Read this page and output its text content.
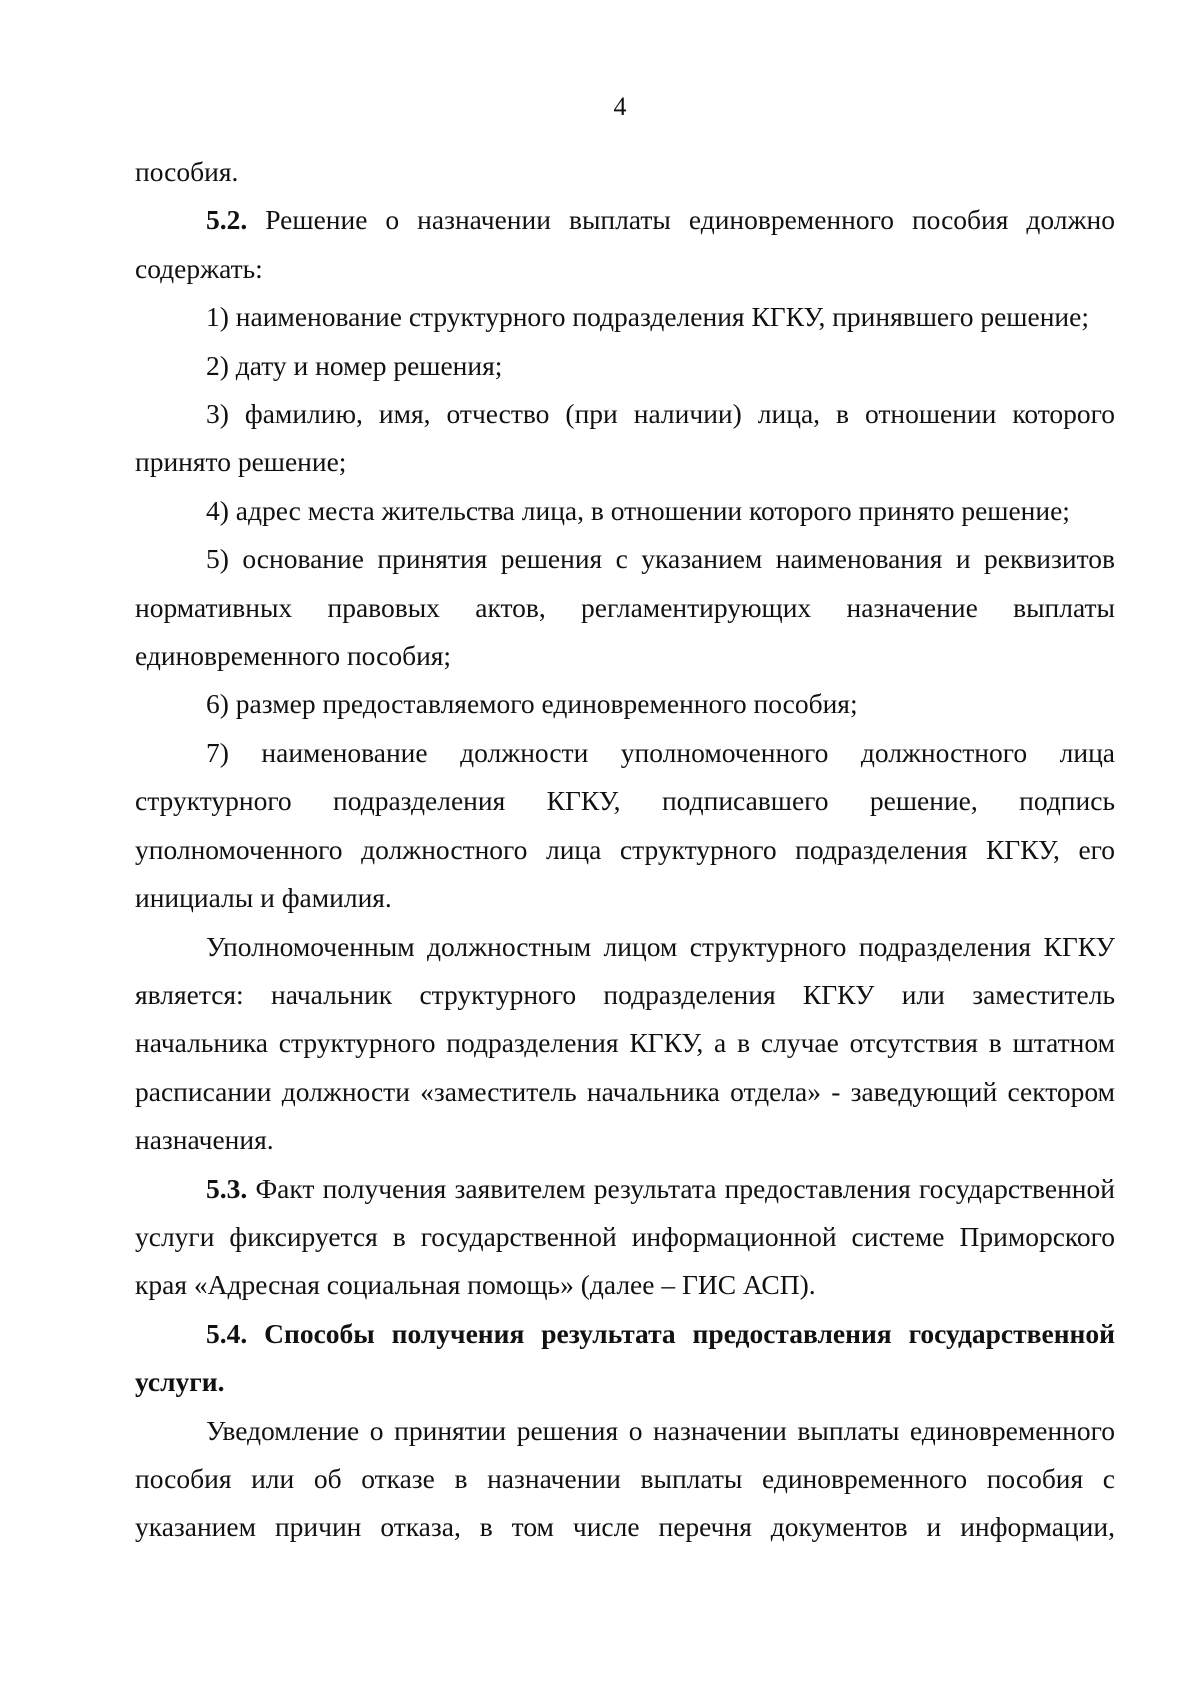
4

пособия.

5.2. Решение о назначении выплаты единовременного пособия должно содержать:

1) наименование структурного подразделения КГКУ, принявшего решение;

2) дату и номер решения;

3) фамилию, имя, отчество (при наличии) лица, в отношении которого принято решение;

4) адрес места жительства лица, в отношении которого принято решение;

5) основание принятия решения с указанием наименования и реквизитов нормативных правовых актов, регламентирующих назначение выплаты единовременного пособия;

6) размер предоставляемого единовременного пособия;

7) наименование должности уполномоченного должностного лица структурного подразделения КГКУ, подписавшего решение, подпись уполномоченного должностного лица структурного подразделения КГКУ, его инициалы и фамилия.

Уполномоченным должностным лицом структурного подразделения КГКУ является: начальник структурного подразделения КГКУ или заместитель начальника структурного подразделения КГКУ, а в случае отсутствия в штатном расписании должности «заместитель начальника отдела» - заведующий сектором назначения.

5.3. Факт получения заявителем результата предоставления государственной услуги фиксируется в государственной информационной системе Приморского края «Адресная социальная помощь» (далее – ГИС АСП).

5.4. Способы получения результата предоставления государственной услуги.

Уведомление о принятии решения о назначении выплаты единовременного пособия или об отказе в назначении выплаты единовременного пособия с указанием причин отказа, в том числе перечня документов и информации,
